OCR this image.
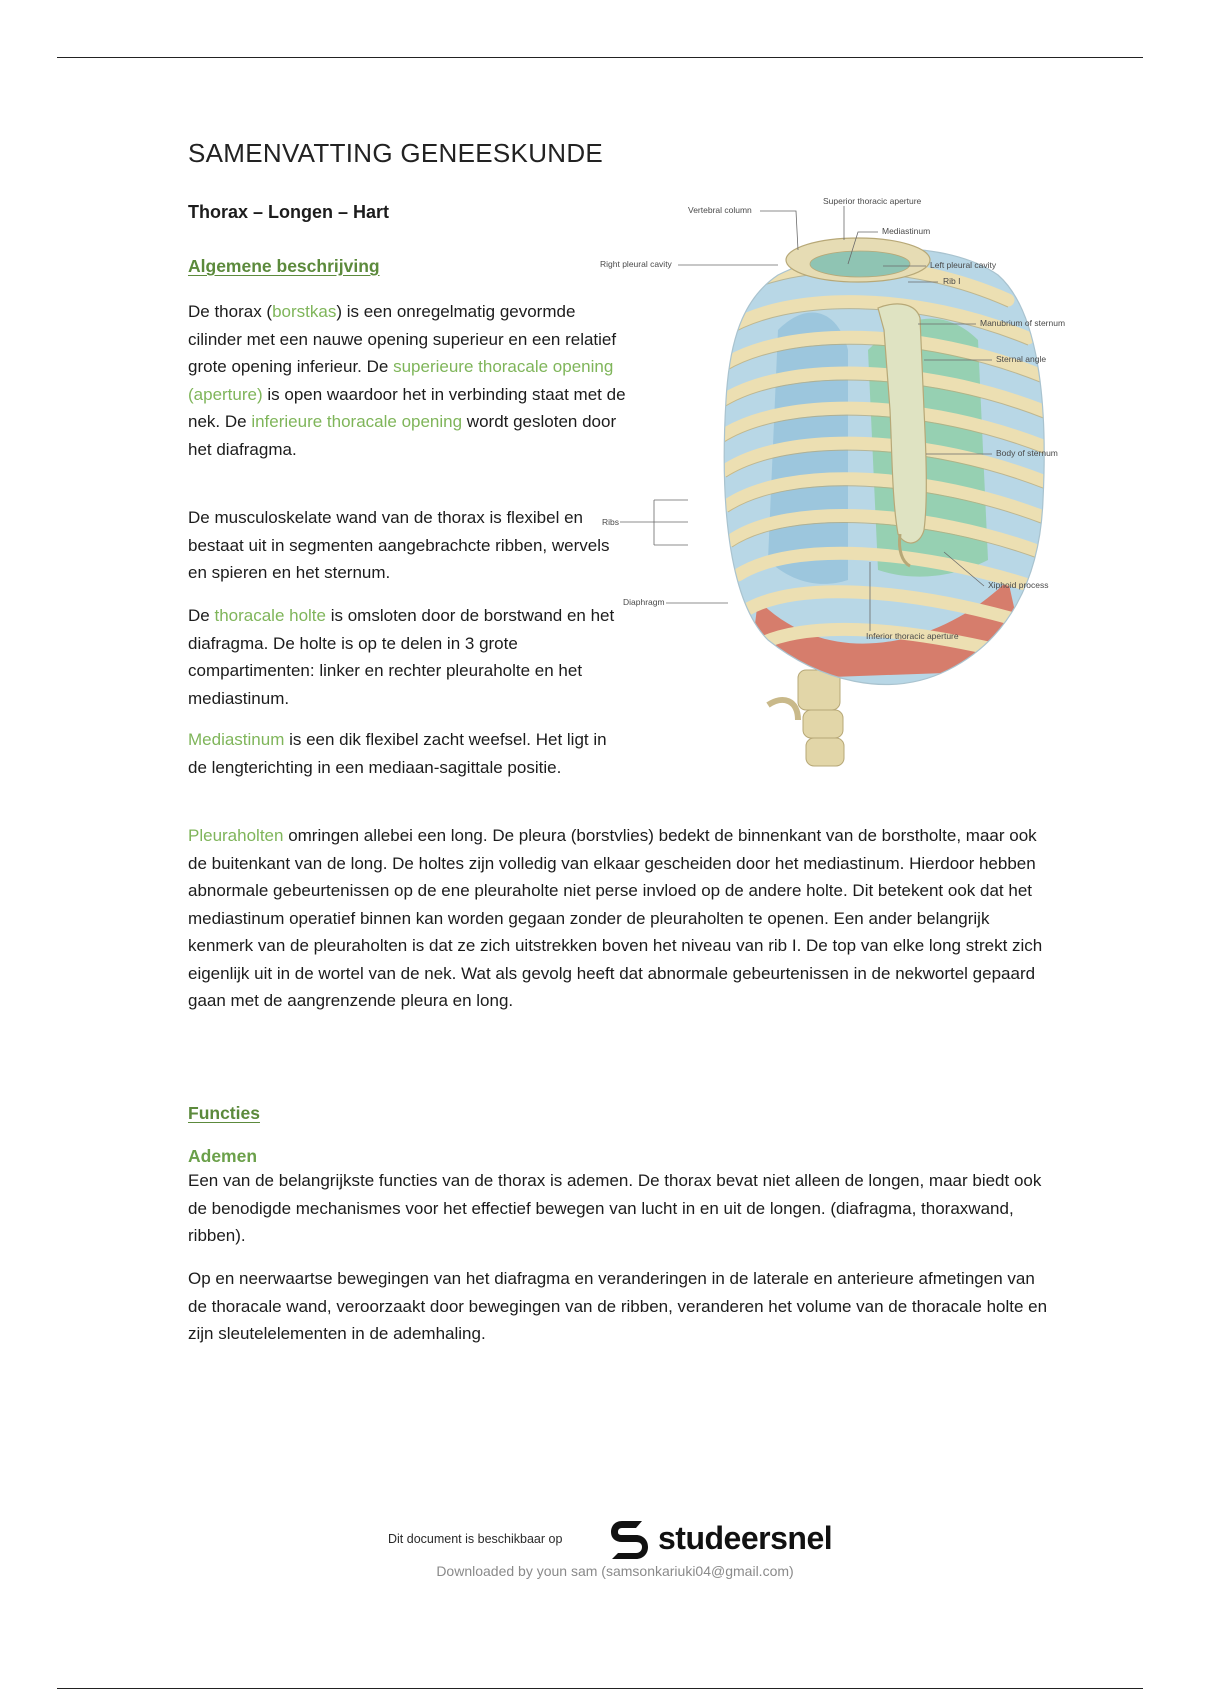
SAMENVATTING GENEESKUNDE
Thorax – Longen – Hart
Algemene beschrijving

De thorax (borstkas) is een onregelmatig gevormde cilinder met een nauwe opening superieur en een relatief grote opening inferieur. De superieure thoracale opening (aperture) is open waardoor het in verbinding staat met de nek. De inferieure thoracale opening wordt gesloten door het diafragma.

De musculoskelate wand van de thorax is flexibel en bestaat uit in segmenten aangebrachcte ribben, wervels en spieren en het sternum.

De thoracale holte is omsloten door de borstwand en het diafragma. De holte is op te delen in 3 grote compartimenten: linker en rechter pleuraholte en het mediastinum.

Mediastinum is een dik flexibel zacht weefsel. Het ligt in de lengterichting in een mediaan-sagittale positie.

Pleuraholten omringen allebei een long. De pleura (borstvlies) bedekt de binnenkant van de borstholte, maar ook de buitenkant van de long. De holtes zijn volledig van elkaar gescheiden door het mediastinum. Hierdoor hebben abnormale gebeurtenissen op de ene pleuraholte niet perse invloed op de andere holte. Dit betekent ook dat het mediastinum operatief binnen kan worden gegaan zonder de pleuraholten te openen. Een ander belangrijk kenmerk van de pleuraholten is dat ze zich uitstrekken boven het niveau van rib I. De top van elke long strekt zich eigenlijk uit in de wortel van de nek. Wat als gevolg heeft dat abnormale gebeurtenissen in de nekwortel gepaard gaan met de aangrenzende pleura en long.

Functies
Ademen

Een van de belangrijkste functies van de thorax is ademen. De thorax bevat niet alleen de longen, maar biedt ook de benodigde mechanismes voor het effectief bewegen van lucht in en uit de longen. (diafragma, thoraxwand, ribben).

Op en neerwaartse bewegingen van het diafragma en veranderingen in de laterale en anterieure afmetingen van de thoracale wand, veroorzaakt door bewegingen van de ribben, veranderen het volume van de thoracale holte en zijn sleutelelementen in de ademhaling.

Vertebral column
Superior thoracic aperture
Mediastinum
Right pleural cavity	Left pleural cavity
Rib I
Manubrium of sternum
Sternal angle
Body of sternum
Ribs
Xiphoid process
Diaphragm
Inferior thoracic aperture
Dit document is beschikbaar op	studeersnel
Downloaded by youn sam (samsonkariuki04@gmail.com)
